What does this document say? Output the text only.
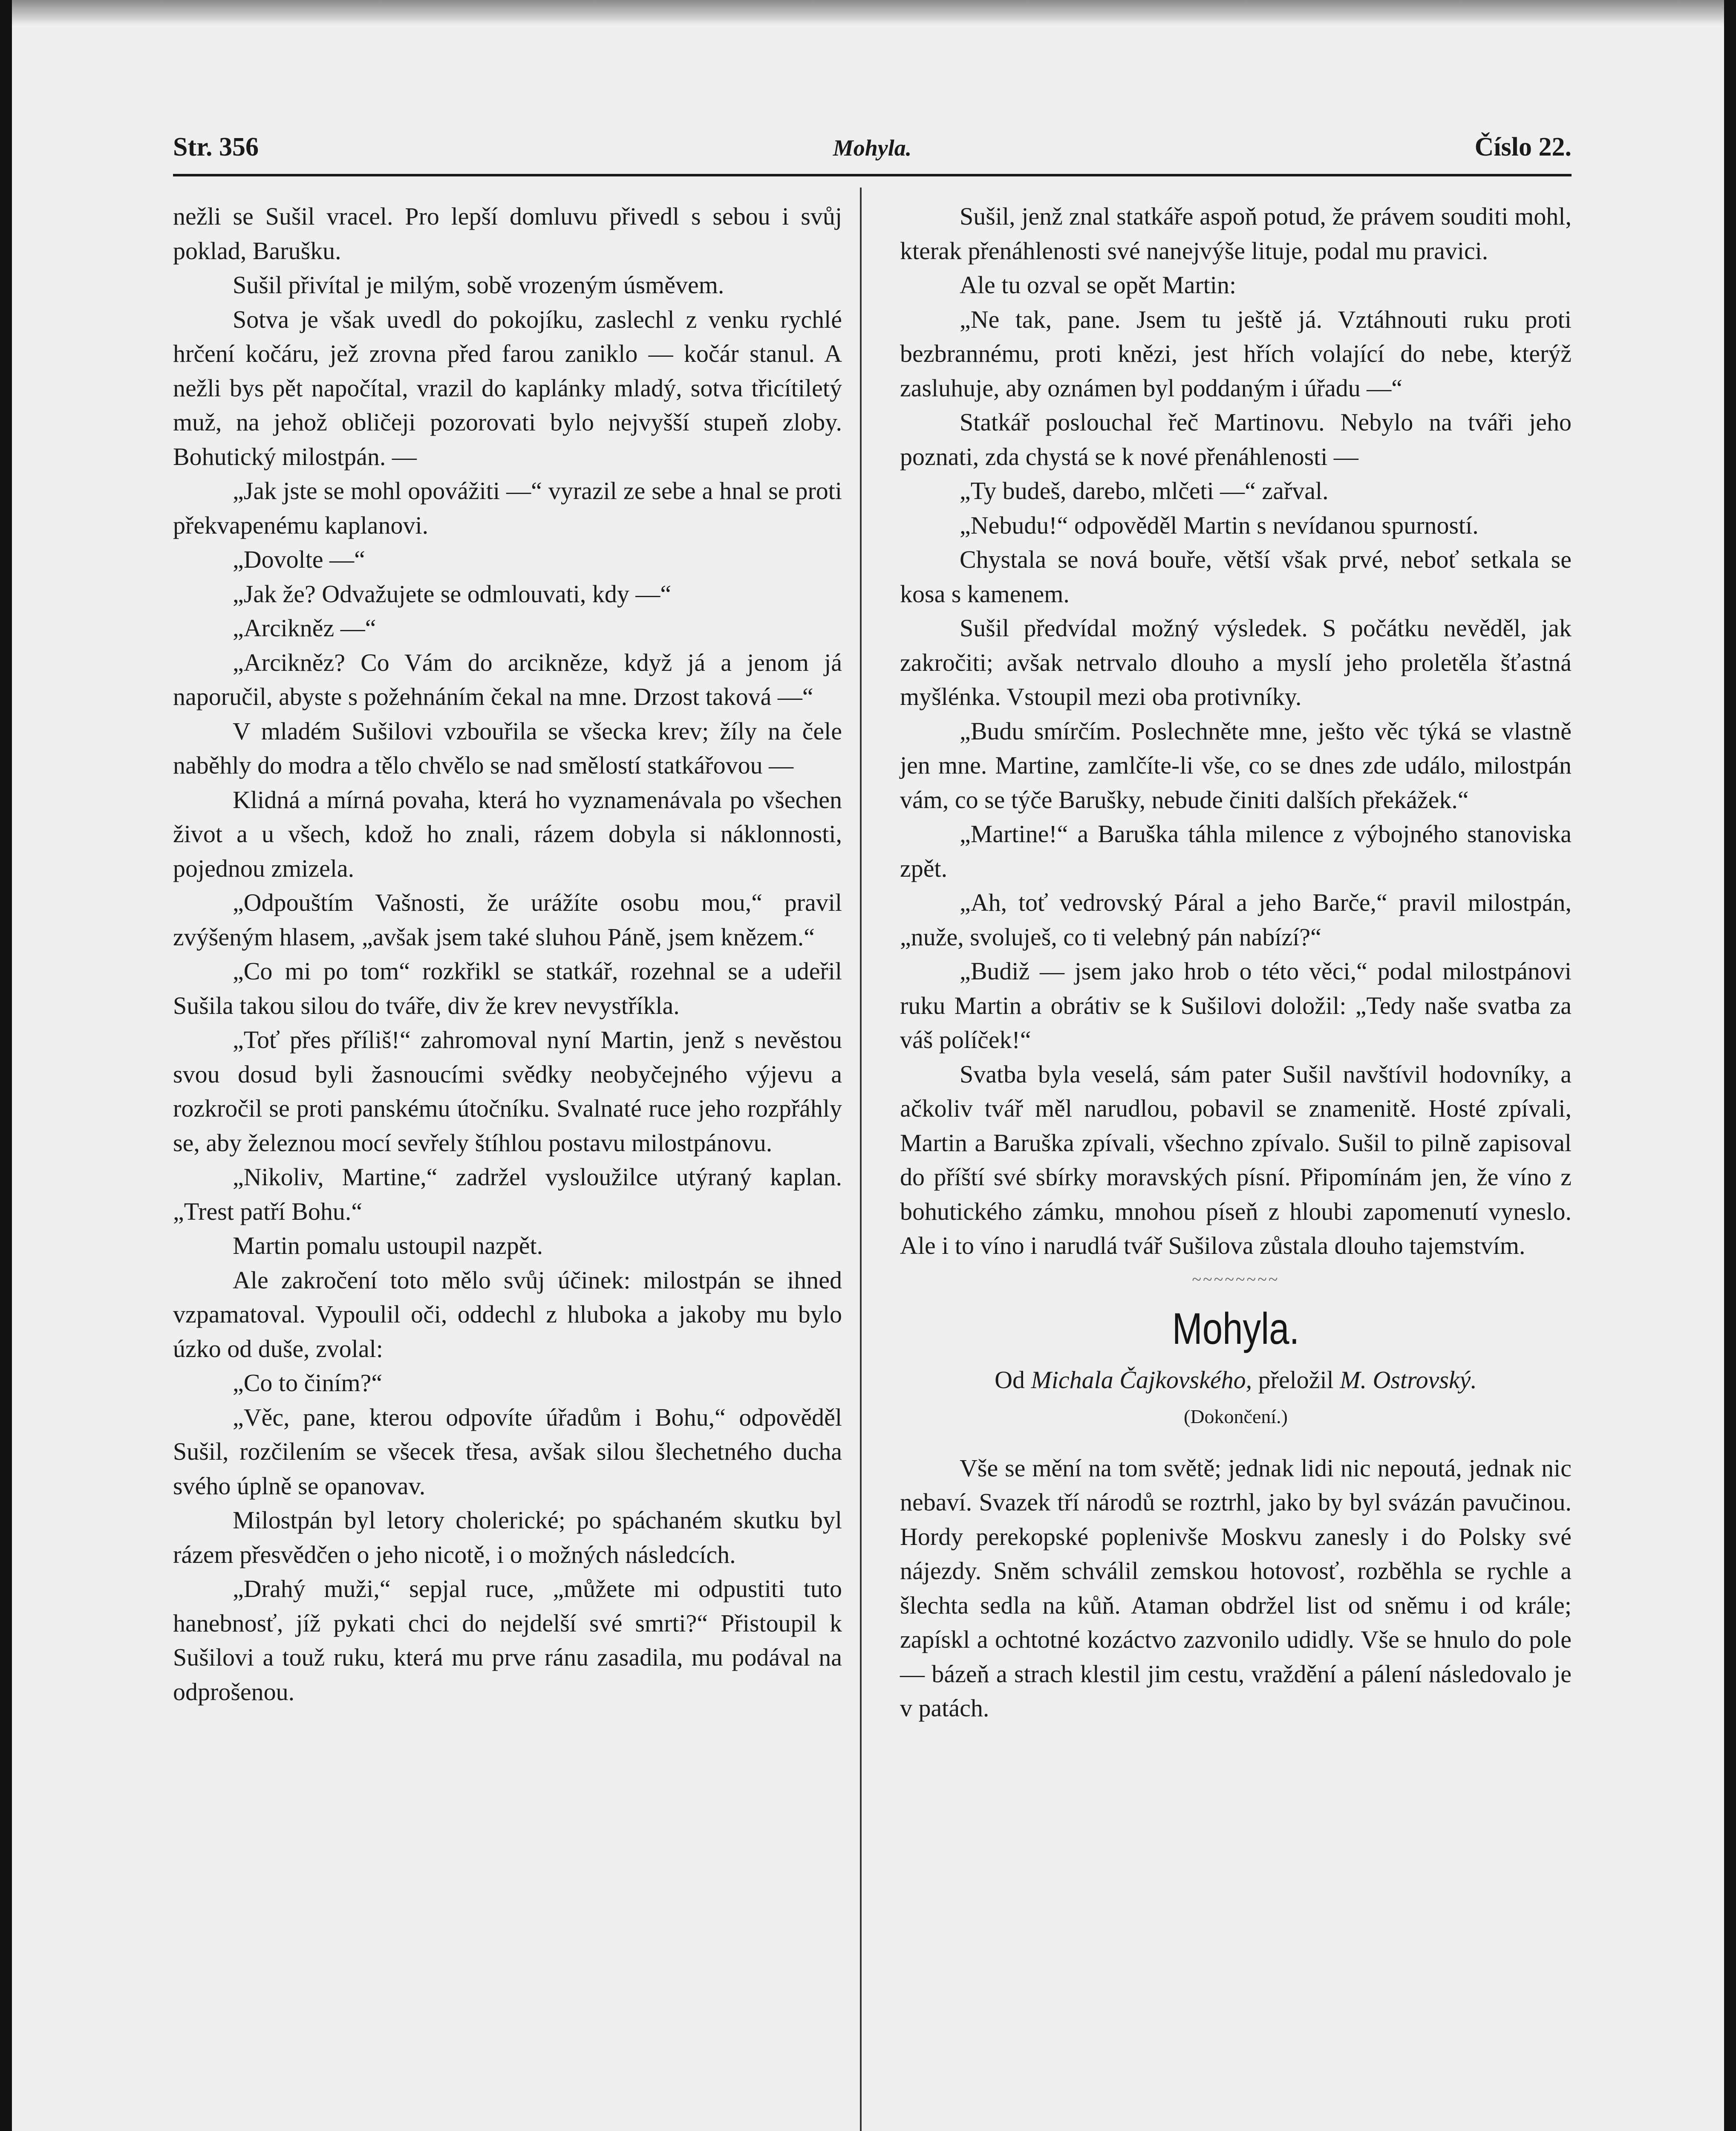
Str. 356	Mohyla.	Číslo 22.

nežli se Sušil vracel. Pro lepší domluvu přivedl s sebou i svůj poklad, Barušku.

Sušil přivítal je milým, sobě vrozeným úsměvem.

Sotva je však uvedl do pokojíku, zaslechl z venku rychlé hrčení kočáru, jež zrovna před farou zaniklo — kočár stanul. A nežli bys pět napočítal, vrazil do kaplánky mladý, sotva třicítiletý muž, na jehož obličeji pozorovati bylo nejvyšší stupeň zloby. Bohutický milostpán. —

„Jak jste se mohl opovážiti —“ vyrazil ze sebe a hnal se proti překvapenému kaplanovi.

„Dovolte —“

„Jak že? Odvažujete se odmlouvati, kdy —“

„Arcikněz —“

„Arcikněz? Co Vám do arcikněze, když já a jenom já naporučil, abyste s požehnáním čekal na mne. Drzost taková —“

V mladém Sušilovi vzbouřila se všecka krev; žíly na čele naběhly do modra a tělo chvělo se nad smělostí statkářovou —

Klidná a mírná povaha, která ho vyznamenávala po všechen život a u všech, kdož ho znali, rázem dobyla si náklonnosti, pojednou zmizela.

„Odpouštím Vašnosti, že urážíte osobu mou,“ pravil zvýšeným hlasem, „avšak jsem také sluhou Páně, jsem knězem.“

„Co mi po tom“ rozkřikl se statkář, rozehnal se a udeřil Sušila takou silou do tváře, div že krev nevystříkla.

„Toť přes příliš!“ zahromoval nyní Martin, jenž s nevěstou svou dosud byli žasnoucími svědky neobyčejného výjevu a rozkročil se proti panskému útočníku. Svalnaté ruce jeho rozpřáhly se, aby železnou mocí sevřely štíhlou postavu milostpánovu.

„Nikoliv, Martine,“ zadržel vysloužilce utýraný kaplan. „Trest patří Bohu.“

Martin pomalu ustoupil nazpět.

Ale zakročení toto mělo svůj účinek: milostpán se ihned vzpamatoval. Vypoulil oči, oddechl z hluboka a jakoby mu bylo úzko od duše, zvolal:

„Co to činím?“

„Věc, pane, kterou odpovíte úřadům i Bohu,“ odpověděl Sušil, rozčilením se všecek třesa, avšak silou šlechetného ducha svého úplně se opanovav.

Milostpán byl letory cholerické; po spáchaném skutku byl rázem přesvědčen o jeho nicotě, i o možných následcích.

„Drahý muži,“ sepjal ruce, „můžete mi odpustiti tuto hanebnosť, jíž pykati chci do nejdelší své smrti?“ Přistoupil k Sušilovi a touž ruku, která mu prve ránu zasadila, mu podával na odprošenou.

Sušil, jenž znal statkáře aspoň potud, že právem souditi mohl, kterak přenáhlenosti své nanejvýše lituje, podal mu pravici.

Ale tu ozval se opět Martin:

„Ne tak, pane. Jsem tu ještě já. Vztáhnouti ruku proti bezbrannému, proti knězi, jest hřích volající do nebe, kterýž zasluhuje, aby oznámen byl poddaným i úřadu —“

Statkář poslouchal řeč Martinovu. Nebylo na tváři jeho poznati, zda chystá se k nové přenáhlenosti —

„Ty budeš, darebo, mlčeti —“ zařval.

„Nebudu!“ odpověděl Martin s nevídanou spurností.

Chystala se nová bouře, větší však prvé, neboť setkala se kosa s kamenem.

Sušil předvídal možný výsledek. S počátku nevěděl, jak zakročiti; avšak netrvalo dlouho a myslí jeho proletěla šťastná myšlénka. Vstoupil mezi oba protivníky.

„Budu smírčím. Poslechněte mne, ješto věc týká se vlastně jen mne. Martine, zamlčíte-li vše, co se dnes zde událo, milostpán vám, co se týče Barušky, nebude činiti dalších překážek.“

„Martine!“ a Baruška táhla milence z výbojného stanoviska zpět.

„Ah, toť vedrovský Páral a jeho Barče,“ pravil milostpán, „nuže, svoluješ, co ti velebný pán nabízí?“

„Budiž — jsem jako hrob o této věci,“ podal milostpánovi ruku Martin a obrátiv se k Sušilovi doložil: „Tedy naše svatba za váš políček!“

Svatba byla veselá, sám pater Sušil navštívil hodovníky, a ačkoliv tvář měl narudlou, pobavil se znamenitě. Hosté zpívali, Martin a Baruška zpívali, všechno zpívalo. Sušil to pilně zapisoval do příští své sbírky moravských písní. Připomínám jen, že víno z bohutického zámku, mnohou píseň z hloubi zapomenutí vyneslo. Ale i to víno i narudlá tvář Sušilova zůstala dlouho tajemstvím.

~~~~~~~~
Mohyla.
Od Michala Čajkovského, přeložil M. Ostrovský.
(Dokončení.)

Vše se mění na tom světě; jednak lidi nic nepoutá, jednak nic nebaví. Svazek tří národů se roztrhl, jako by byl svázán pavučinou. Hordy perekopské poplenivše Moskvu zanesly i do Polsky své nájezdy. Sněm schválil zemskou hotovosť, rozběhla se rychle a šlechta sedla na kůň. Ataman obdržel list od sněmu i od krále; zapískl a ochtotné kozáctvo zazvonilo udidly. Vše se hnulo do pole — bázeň a strach klestil jim cestu, vraždění a pálení následovalo je v patách.
